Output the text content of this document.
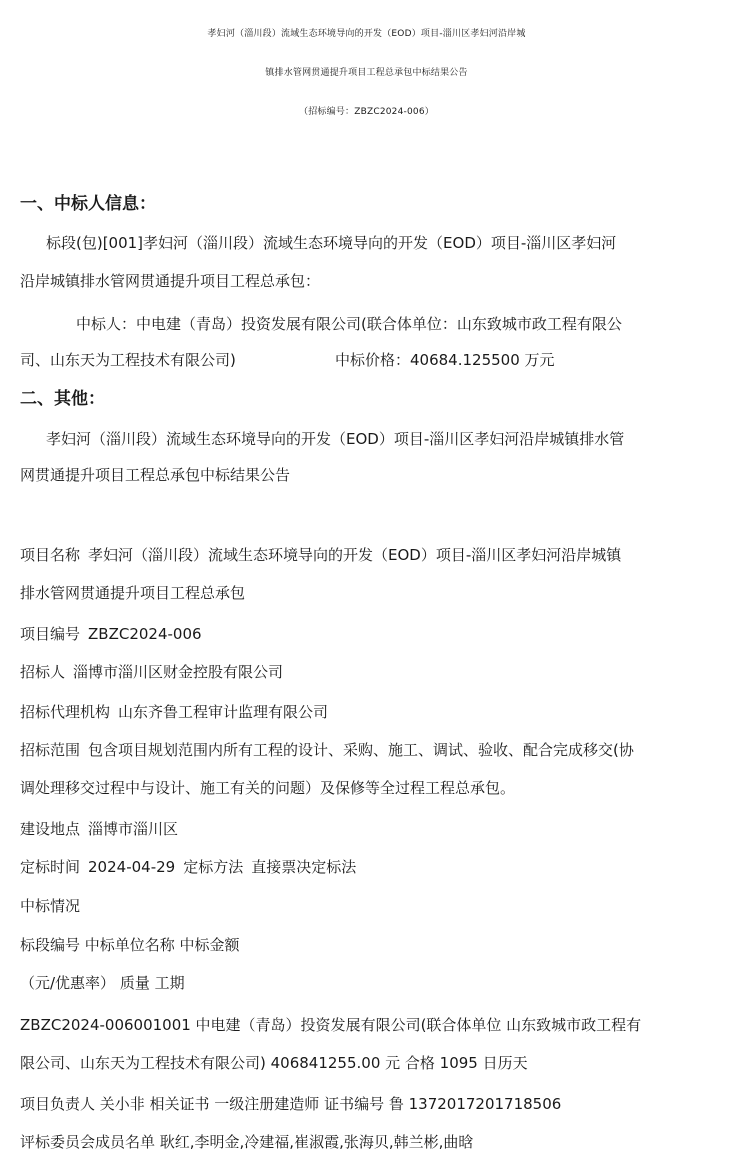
孝妇河（淄川段）流域生态环境导向的开发（EOD）项目-淄川区孝妇河沿岸城
镇排水管网贯通提升项目工程总承包中标结果公告
（招标编号：ZBZC2024-006）
一、中标人信息：
标段(包)[001]孝妇河（淄川段）流域生态环境导向的开发（EOD）项目-淄川区孝妇河
沿岸城镇排水管网贯通提升项目工程总承包：
中标人：中电建（青岛）投资发展有限公司(联合体单位：山东致城市政工程有限公
司、山东天为工程技术有限公司)	中标价格：40684.125500 万元
二、其他：
孝妇河（淄川段）流域生态环境导向的开发（EOD）项目-淄川区孝妇河沿岸城镇排水管
网贯通提升项目工程总承包中标结果公告
项目名称 孝妇河（淄川段）流域生态环境导向的开发（EOD）项目-淄川区孝妇河沿岸城镇
排水管网贯通提升项目工程总承包
项目编号 ZBZC2024-006
招标人 淄博市淄川区财金控股有限公司
招标代理机构 山东齐鲁工程审计监理有限公司
招标范围 包含项目规划范围内所有工程的设计、采购、施工、调试、验收、配合完成移交(协
调处理移交过程中与设计、施工有关的问题）及保修等全过程工程总承包。
建设地点 淄博市淄川区
定标时间 2024-04-29 定标方法 直接票决定标法
中标情况
标段编号 中标单位名称 中标金额
（元/优惠率） 质量 工期
ZBZC2024-006001001 中电建（青岛）投资发展有限公司(联合体单位 山东致城市政工程有
限公司、山东天为工程技术有限公司) 406841255.00 元 合格 1095 日历天
项目负责人 关小非 相关证书 一级注册建造师 证书编号 鲁 1372017201718506
评标委员会成员名单 耿红,李明金,冷建福,崔淑霞,张海贝,韩兰彬,曲晗
